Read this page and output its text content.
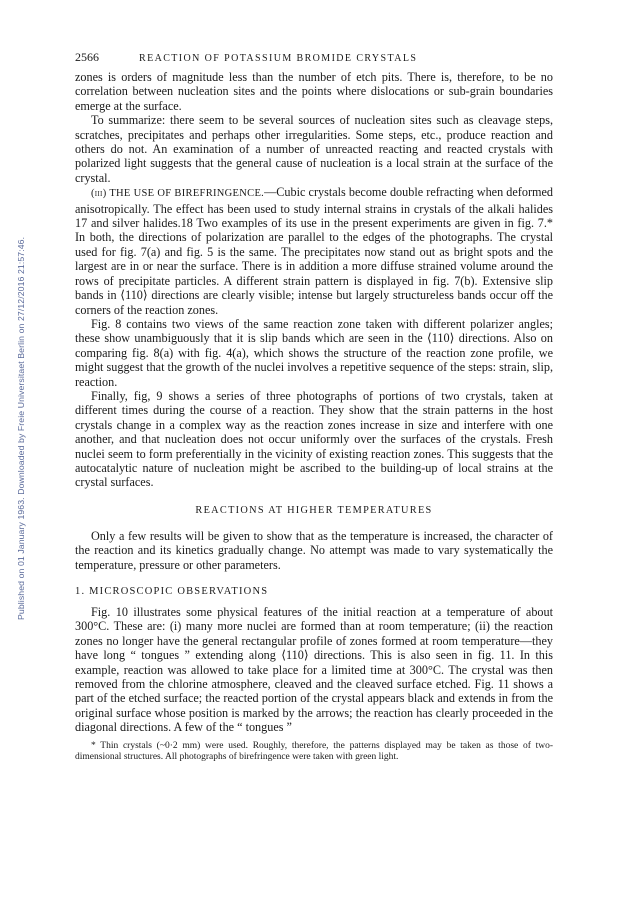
Published on 01 January 1963. Downloaded by Freie Universitaet Berlin on 27/12/2016 21:57:46.
2566	REACTION OF POTASSIUM BROMIDE CRYSTALS

zones is orders of magnitude less than the number of etch pits. There is, therefore, to be no correlation between nucleation sites and the points where dislocations or sub-grain boundaries emerge at the surface.

To summarize: there seem to be several sources of nucleation sites such as cleavage steps, scratches, precipitates and perhaps other irregularities. Some steps, etc., produce reaction and others do not. An examination of a number of unreacted reacting and reacted crystals with polarized light suggests that the general cause of nucleation is a local strain at the surface of the crystal.

(iii) THE USE OF BIREFRINGENCE.—Cubic crystals become double refracting when deformed anisotropically. The effect has been used to study internal strains in crystals of the alkali halides 17 and silver halides.18 Two examples of its use in the present experiments are given in fig. 7.* In both, the directions of polarization are parallel to the edges of the photographs. The crystal used for fig. 7(a) and fig. 5 is the same. The precipitates now stand out as bright spots and the largest are in or near the surface. There is in addition a more diffuse strained volume around the rows of precipitate particles. A different strain pattern is displayed in fig. 7(b). Extensive slip bands in ⟨110⟩ directions are clearly visible; intense but largely structureless bands occur off the corners of the reaction zones.

Fig. 8 contains two views of the same reaction zone taken with different polarizer angles; these show unambiguously that it is slip bands which are seen in the ⟨110⟩ directions. Also on comparing fig. 8(a) with fig. 4(a), which shows the structure of the reaction zone profile, we might suggest that the growth of the nuclei involves a repetitive sequence of the steps: strain, slip, reaction.

Finally, fig, 9 shows a series of three photographs of portions of two crystals, taken at different times during the course of a reaction. They show that the strain patterns in the host crystals change in a complex way as the reaction zones increase in size and interfere with one another, and that nucleation does not occur uniformly over the surfaces of the crystals. Fresh nuclei seem to form preferentially in the vicinity of existing reaction zones. This suggests that the autocatalytic nature of nucleation might be ascribed to the building-up of local strains at the crystal surfaces.

REACTIONS AT HIGHER TEMPERATURES

Only a few results will be given to show that as the temperature is increased, the character of the reaction and its kinetics gradually change. No attempt was made to vary systematically the temperature, pressure or other parameters.

1. MICROSCOPIC OBSERVATIONS

Fig. 10 illustrates some physical features of the initial reaction at a temperature of about 300°C. These are: (i) many more nuclei are formed than at room temperature; (ii) the reaction zones no longer have the general rectangular profile of zones formed at room temperature—they have long “ tongues ” extending along ⟨110⟩ directions. This is also seen in fig. 11. In this example, reaction was allowed to take place for a limited time at 300°C. The crystal was then removed from the chlorine atmosphere, cleaved and the cleaved surface etched. Fig. 11 shows a part of the etched surface; the reacted portion of the crystal appears black and extends in from the original surface whose position is marked by the arrows; the reaction has clearly proceeded in the diagonal directions. A few of the “ tongues ”

* Thin crystals (~0·2 mm) were used. Roughly, therefore, the patterns displayed may be taken as those of two-dimensional structures. All photographs of birefringence were taken with green light.
